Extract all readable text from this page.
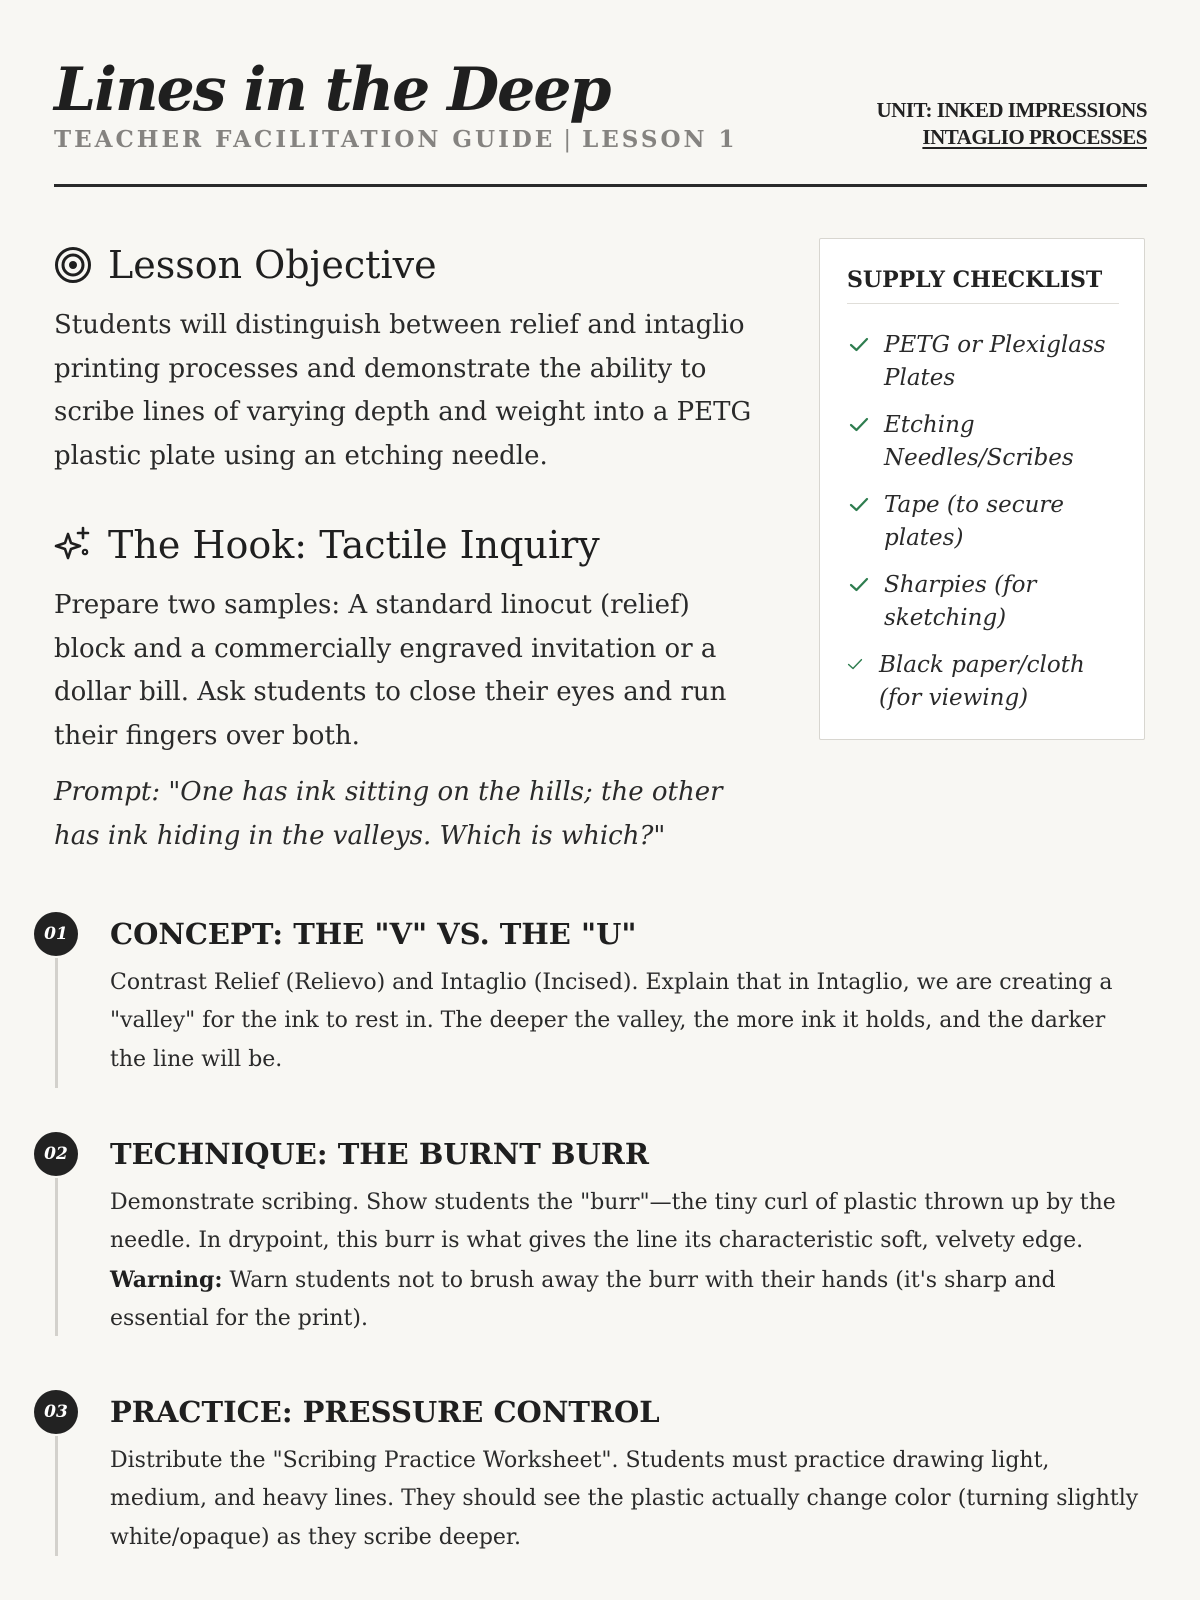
Lines in the Deep
TEACHER FACILITATION GUIDE | LESSON 1
UNIT: INKED IMPRESSIONS
INTAGLIO PROCESSES
Lesson Objective

Students will distinguish between relief and intaglio printing processes and demonstrate the ability to scribe lines of varying depth and weight into a PETG plastic plate using an etching needle.

The Hook: Tactile Inquiry

Prepare two samples: A standard linocut (relief) block and a commercially engraved invitation or a dollar bill. Ask students to close their eyes and run their fingers over both.

Prompt: "One has ink sitting on the hills; the other has ink hiding in the valleys. Which is which?"

SUPPLY CHECKLIST
PETG or Plexiglass Plates
Etching Needles/Scribes
Tape (to secure plates)
Sharpies (for sketching)
Black paper/cloth (for viewing)
01	CONCEPT: THE "V" VS. THE "U"

Contrast Relief (Relievo) and Intaglio (Incised). Explain that in Intaglio, we are creating a "valley" for the ink to rest in. The deeper the valley, the more ink it holds, and the darker the line will be.

02	TECHNIQUE: THE BURNT BURR

Demonstrate scribing. Show students the "burr"—the tiny curl of plastic thrown up by the needle. In drypoint, this burr is what gives the line its characteristic soft, velvety edge. Warning: Warn students not to brush away the burr with their hands (it's sharp and essential for the print).

03	PRACTICE: PRESSURE CONTROL

Distribute the "Scribing Practice Worksheet". Students must practice drawing light, medium, and heavy lines. They should see the plastic actually change color (turning slightly white/opaque) as they scribe deeper.
